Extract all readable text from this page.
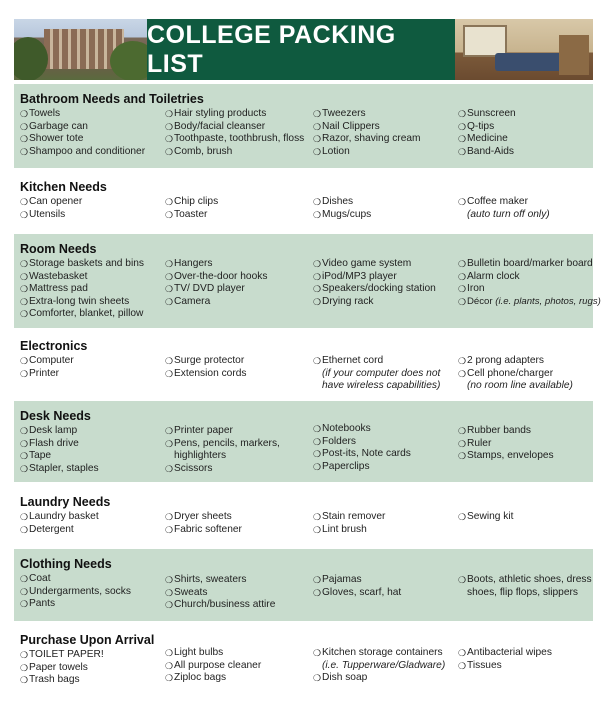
COLLEGE PACKING LIST
Bathroom Needs and Toiletries
❍ Towels
❍ Garbage can
❍ Shower tote
❍ Shampoo and conditioner
❍ Hair styling products
❍ Body/facial cleanser
❍ Toothpaste, toothbrush, floss
❍ Comb, brush
❍ Tweezers
❍ Nail Clippers
❍ Razor, shaving cream
❍ Lotion
❍ Sunscreen
❍ Q-tips
❍ Medicine
❍ Band-Aids
Kitchen Needs
❍ Can opener
❍ Utensils
❍ Chip clips
❍ Toaster
❍ Dishes
❍ Mugs/cups
❍ Coffee maker
(auto turn off only)
Room Needs
❍ Storage baskets and bins
❍ Wastebasket
❍ Mattress pad
❍ Extra-long twin sheets
❍ Comforter, blanket, pillow
❍ Hangers
❍ Over-the-door hooks
❍ TV/ DVD player
❍ Camera
❍ Video game system
❍ iPod/MP3 player
❍ Speakers/docking station
❍ Drying rack
❍ Bulletin board/marker board
❍ Alarm clock
❍ Iron
❍ Décor (i.e. plants, photos, rugs)
Electronics
❍ Computer
❍ Printer
❍ Surge protector
❍ Extension cords
❍ Ethernet cord
(if your computer does not
have wireless capabilities)
❍ 2 prong adapters
❍ Cell phone/charger
(no room line available)
Desk Needs
❍ Desk lamp
❍ Flash drive
❍ Tape
❍ Stapler, staples
❍ Printer paper
❍ Pens, pencils, markers,
highlighters
❍ Scissors
❍ Notebooks
❍ Folders
❍ Post-its, Note cards
❍ Paperclips
❍ Rubber bands
❍ Ruler
❍ Stamps, envelopes
Laundry Needs
❍ Laundry basket
❍ Detergent
❍ Dryer sheets
❍ Fabric softener
❍ Stain remover
❍ Lint brush
❍ Sewing kit
Clothing Needs
❍ Coat
❍ Undergarments, socks
❍ Pants
❍ Shirts, sweaters
❍ Sweats
❍ Church/business attire
❍ Pajamas
❍ Gloves, scarf, hat
❍ Boots, athletic shoes, dress
shoes, flip flops, slippers
Purchase Upon Arrival
❍ TOILET PAPER!
❍ Paper towels
❍ Trash bags
❍ Light bulbs
❍ All purpose cleaner
❍ Ziploc bags
❍ Kitchen storage containers
(i.e. Tupperware/Gladware)
❍ Dish soap
❍ Antibacterial wipes
❍ Tissues
